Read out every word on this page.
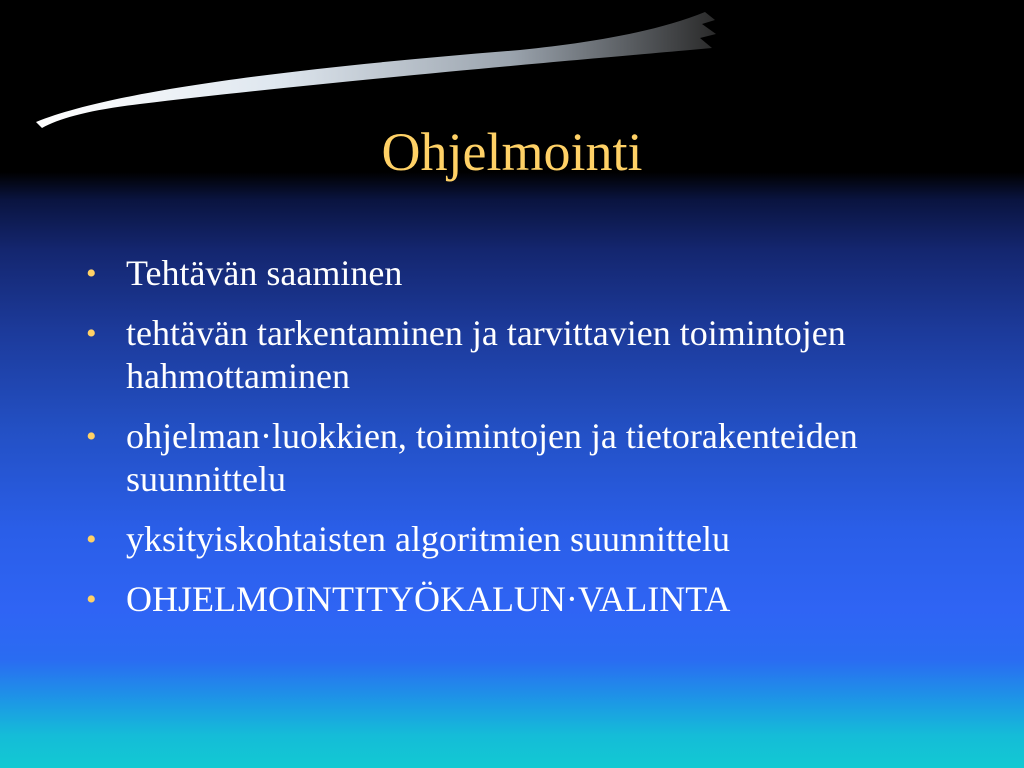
Ohjelmointi
• Tehtävän saaminen
• tehtävän tarkentaminen ja tarvittavien toimintojen hahmottaminen
• ohjelman·luokkien, toimintojen ja tietorakenteiden suunnittelu
• yksityiskohtaisten algoritmien suunnittelu
• OHJELMOINTITYÖKALUN·VALINTA
